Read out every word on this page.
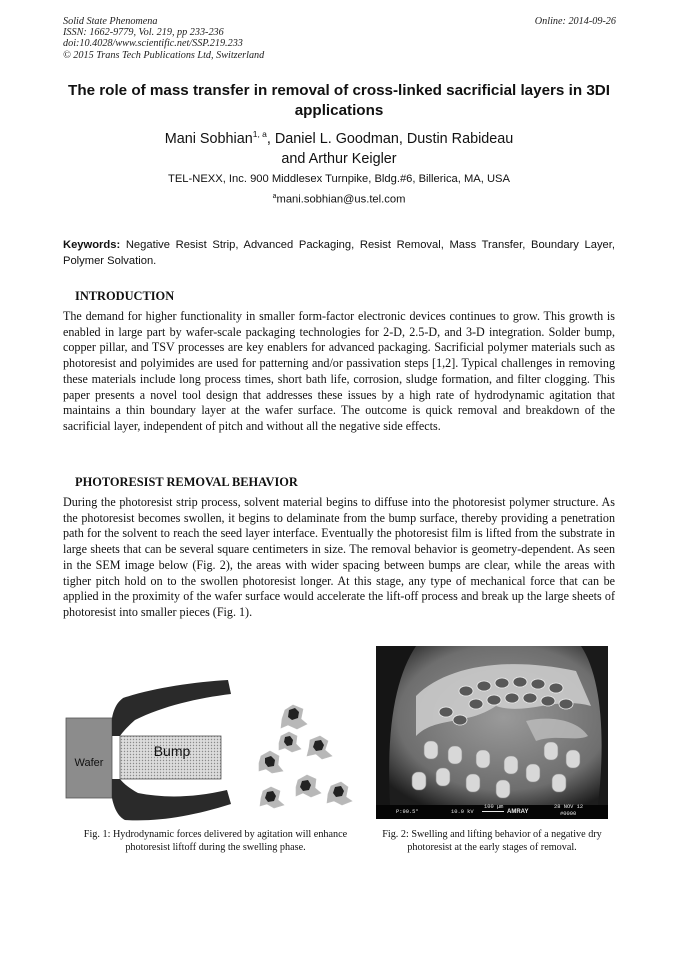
Solid State Phenomena
ISSN: 1662-9779, Vol. 219, pp 233-236
doi:10.4028/www.scientific.net/SSP.219.233
© 2015 Trans Tech Publications Ltd, Switzerland
Online: 2014-09-26
The role of mass transfer in removal of cross-linked sacrificial layers in 3DI applications
Mani Sobhian$^{1, a}$, Daniel L. Goodman, Dustin Rabideau
and Arthur Keigler
TEL-NEXX, Inc. 900 Middlesex Turnpike, Bldg.#6, Billerica, MA, USA
$^a$mani.sobhian@us.tel.com
Keywords: Negative Resist Strip, Advanced Packaging, Resist Removal, Mass Transfer, Boundary Layer, Polymer Solvation.
INTRODUCTION
The demand for higher functionality in smaller form-factor electronic devices continues to grow. This growth is enabled in large part by wafer-scale packaging technologies for 2-D, 2.5-D, and 3-D integration. Solder bump, copper pillar, and TSV processes are key enablers for advanced packaging. Sacrificial polymer materials such as photoresist and polyimides are used for patterning and/or passivation steps [1,2]. Typical challenges in removing these materials include long process times, short bath life, corrosion, sludge formation, and filter clogging. This paper presents a novel tool design that addresses these issues by a high rate of hydrodynamic agitation that maintains a thin boundary layer at the wafer surface. The outcome is quick removal and breakdown of the sacrificial layer, independent of pitch and without all the negative side effects.
PHOTORESIST REMOVAL BEHAVIOR
During the photoresist strip process, solvent material begins to diffuse into the photoresist polymer structure. As the photoresist becomes swollen, it begins to delaminate from the bump surface, thereby providing a penetration path for the solvent to reach the seed layer interface. Eventually the photoresist film is lifted from the substrate in large sheets that can be several square centimeters in size. The removal behavior is geometry-dependent. As seen in the SEM image below (Fig. 2), the areas with wider spacing between bumps are clear, while the areas with tigher pitch hold on to the swollen photoresist longer. At this stage, any type of mechanical force that can be applied in the proximity of the wafer surface would accelerate the lift-off process and break up the large sheets of photoresist into smaller pieces (Fig. 1).
Wafer
Bump
Fig. 1: Hydrodynamic forces delivered by agitation will enhance photoresist liftoff during the swelling phase.
P:90.5°	10.0 kV
100 µm
AMRAY
28 NOV 12
#0000
Fig. 2: Swelling and lifting behavior of a negative dry photoresist at the early stages of removal.
